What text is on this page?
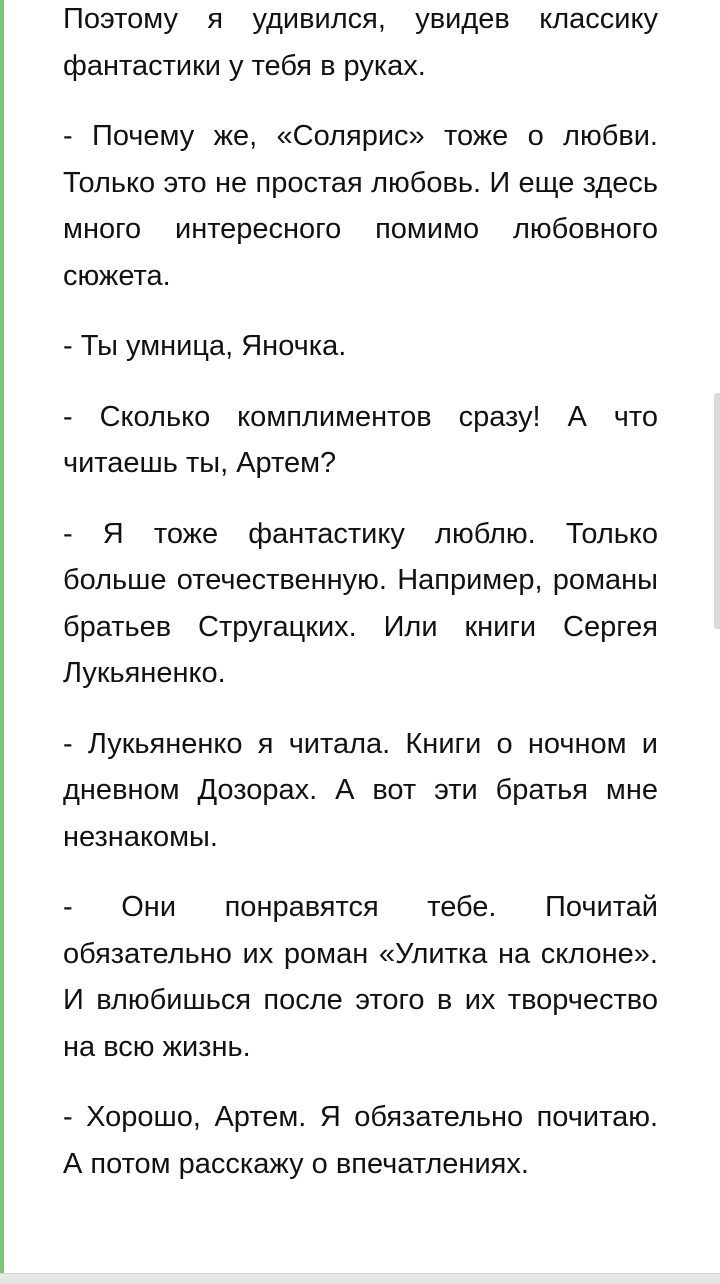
Поэтому я удивился, увидев классику фантастики у тебя в руках.

- Почему же, «Солярис» тоже о любви. Только это не простая любовь. И еще здесь много интересного помимо любовного сюжета.

- Ты умница, Яночка.

- Сколько комплиментов сразу! А что читаешь ты, Артем?

- Я тоже фантастику люблю. Только больше отечественную. Например, романы братьев Стругацких. Или книги Сергея Лукьяненко.

- Лукьяненко я читала. Книги о ночном и дневном Дозорах. А вот эти братья мне незнакомы.

- Они понравятся тебе. Почитай обязательно их роман «Улитка на склоне». И влюбишься после этого в их творчество на всю жизнь.

- Хорошо, Артем. Я обязательно почитаю. А потом расскажу о впечатлениях.
